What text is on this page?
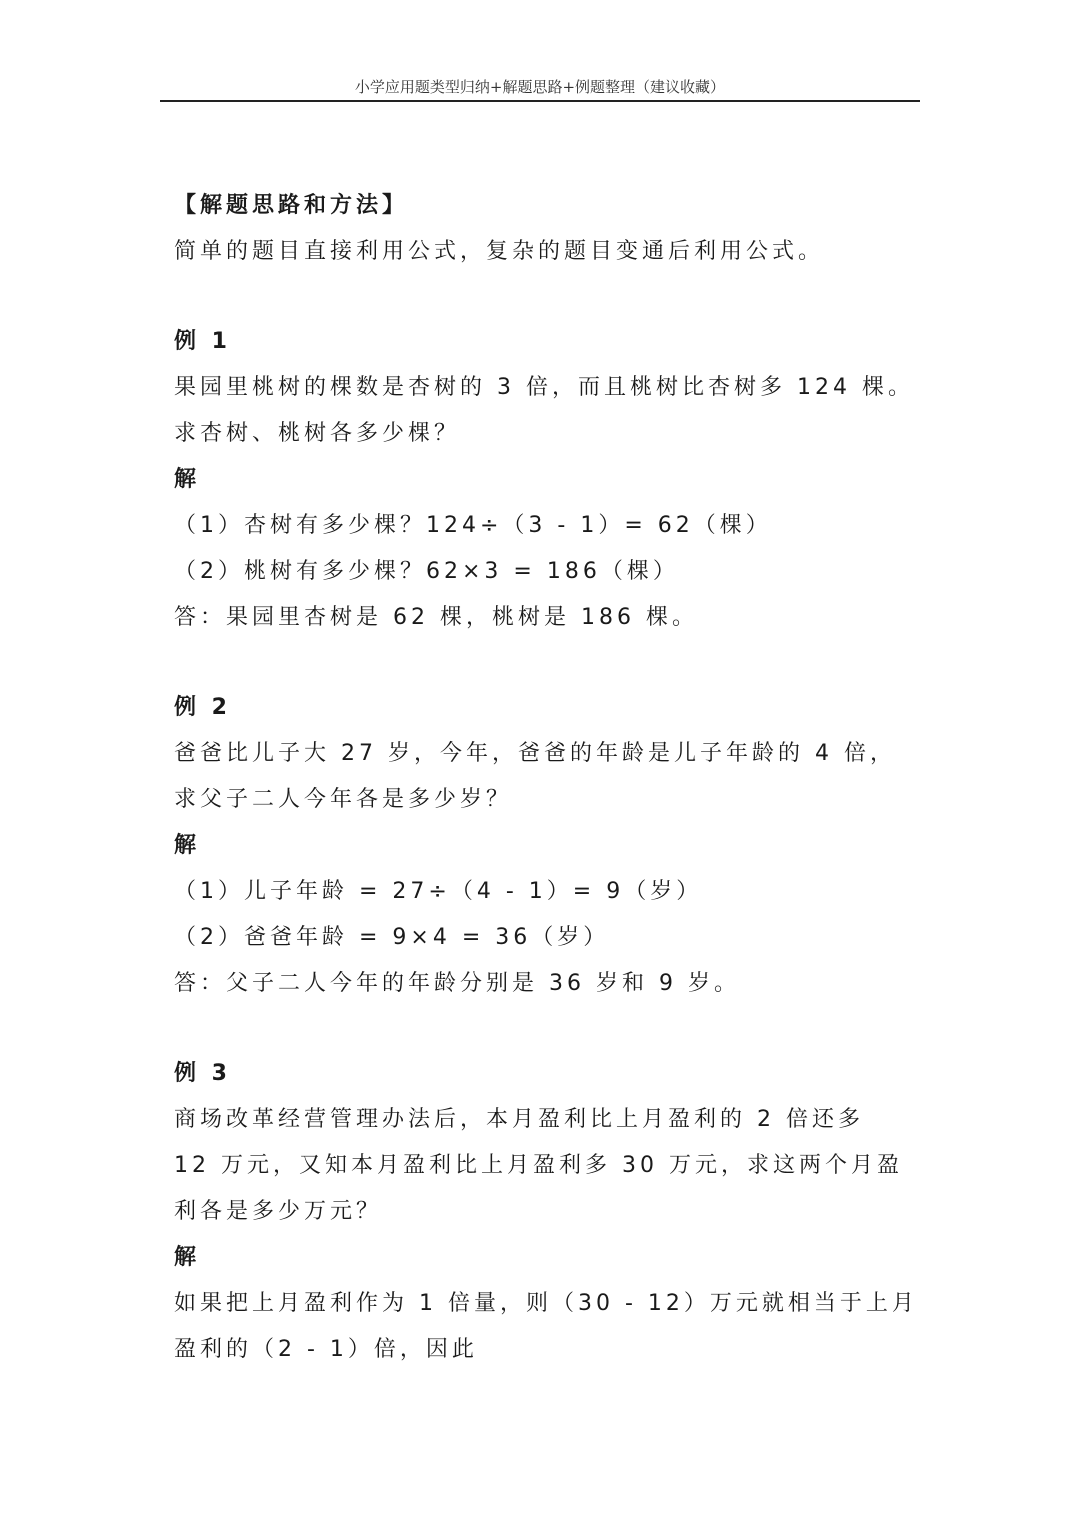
小学应用题类型归纳+解题思路+例题整理（建议收藏）
【解题思路和方法】
简单的题目直接利用公式，复杂的题目变通后利用公式。
例 1
果园里桃树的棵数是杏树的 3 倍，而且桃树比杏树多 124 棵。
求杏树、桃树各多少棵？
解
（1）杏树有多少棵？124÷（3 - 1）= 62（棵）
（2）桃树有多少棵？62×3 = 186（棵）
答：果园里杏树是 62 棵，桃树是 186 棵。
例 2
爸爸比儿子大 27 岁，今年，爸爸的年龄是儿子年龄的 4 倍，
求父子二人今年各是多少岁？
解
（1）儿子年龄 = 27÷（4 - 1）= 9（岁）
（2）爸爸年龄 = 9×4 = 36（岁）
答：父子二人今年的年龄分别是 36 岁和 9 岁。
例 3
商场改革经营管理办法后，本月盈利比上月盈利的 2 倍还多
12 万元，又知本月盈利比上月盈利多 30 万元，求这两个月盈
利各是多少万元？
解
如果把上月盈利作为 1 倍量，则（30 - 12）万元就相当于上月
盈利的（2 - 1）倍，因此
